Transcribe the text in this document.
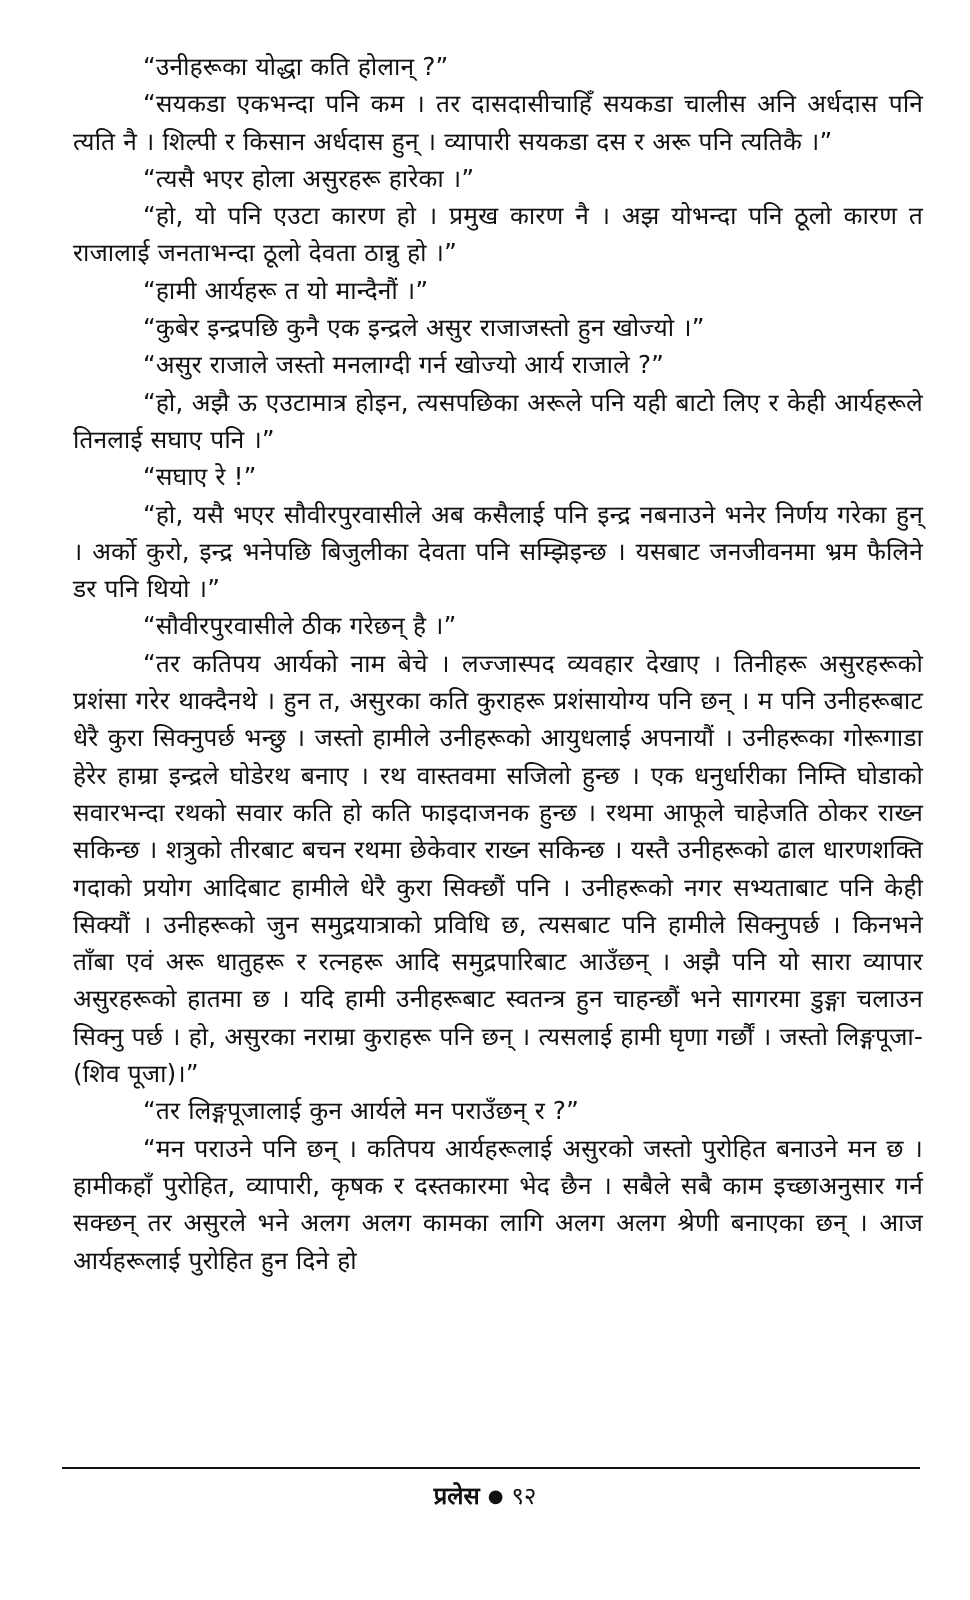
“उनीहरूका योद्धा कति होलान् ?”

“सयकडा एकभन्दा पनि कम । तर दासदासीचाहिँ सयकडा चालीस अनि अर्धदास पनि त्यति नै । शिल्पी र किसान अर्धदास हुन् । व्यापारी सयकडा दस र अरू पनि त्यतिकै ।”

“त्यसै भएर होला असुरहरू हारेका ।”

“हो, यो पनि एउटा कारण हो । प्रमुख कारण नै । अझ योभन्दा पनि ठूलो कारण त राजालाई जनताभन्दा ठूलो देवता ठान्नु हो ।”

“हामी आर्यहरू त यो मान्दैनौं ।”

“कुबेर इन्द्रपछि कुनै एक इन्द्रले असुर राजाजस्तो हुन खोज्यो ।”

“असुर राजाले जस्तो मनलाग्दी गर्न खोज्यो आर्य राजाले ?”

“हो, अझै ऊ एउटामात्र होइन, त्यसपछिका अरूले पनि यही बाटो लिए र केही आर्यहरूले तिनलाई सघाए पनि ।”

“सघाए रे !”

“हो, यसै भएर सौवीरपुरवासीले अब कसैलाई पनि इन्द्र नबनाउने भनेर निर्णय गरेका हुन् । अर्को कुरो, इन्द्र भनेपछि बिजुलीका देवता पनि सम्झिइन्छ । यसबाट जनजीवनमा भ्रम फैलिने डर पनि थियो ।”

“सौवीरपुरवासीले ठीक गरेछन् है ।”

“तर कतिपय आर्यको नाम बेचे । लज्जास्पद व्यवहार देखाए । तिनीहरू असुरहरूको प्रशंसा गरेर थाक्दैनथे । हुन त, असुरका कति कुराहरू प्रशंसायोग्य पनि छन् । म पनि उनीहरूबाट धेरै कुरा सिक्नुपर्छ भन्छु । जस्तो हामीले उनीहरूको आयुधलाई अपनायौं । उनीहरूका गोरूगाडा हेरेर हाम्रा इन्द्रले घोडेरथ बनाए । रथ वास्तवमा सजिलो हुन्छ । एक धनुर्धारीका निम्ति घोडाको सवारभन्दा रथको सवार कति हो कति फाइदाजनक हुन्छ । रथमा आफूले चाहेजति ठोकर राख्न सकिन्छ । शत्रुको तीरबाट बचन रथमा छेकेवार राख्न सकिन्छ । यस्तै उनीहरूको ढाल धारणशक्ति गदाको प्रयोग आदिबाट हामीले धेरै कुरा सिक्छौं पनि । उनीहरूको नगर सभ्यताबाट पनि केही सिक्यौं । उनीहरूको जुन समुद्रयात्राको प्रविधि छ, त्यसबाट पनि हामीले सिक्नुपर्छ । किनभने ताँबा एवं अरू धातुहरू र रत्नहरू आदि समुद्रपारिबाट आउँछन् । अझै पनि यो सारा व्यापार असुरहरूको हातमा छ । यदि हामी उनीहरूबाट स्वतन्त्र हुन चाहन्छौं भने सागरमा डुङ्गा चलाउन सिक्नु पर्छ । हो, असुरका नराम्रा कुराहरू पनि छन् । त्यसलाई हामी घृणा गर्छौं । जस्तो लिङ्गपूजा- (शिव पूजा)।”

“तर लिङ्गपूजालाई कुन आर्यले मन पराउँछन् र ?”

“मन पराउने पनि छन् । कतिपय आर्यहरूलाई असुरको जस्तो पुरोहित बनाउने मन छ । हामीकहाँ पुरोहित, व्यापारी, कृषक र दस्तकारमा भेद छैन । सबैले सबै काम इच्छाअनुसार गर्न सक्छन् तर असुरले भने अलग अलग कामका लागि अलग अलग श्रेणी बनाएका छन् । आज आर्यहरूलाई पुरोहित हुन दिने हो

प्रलेस ● ९२
